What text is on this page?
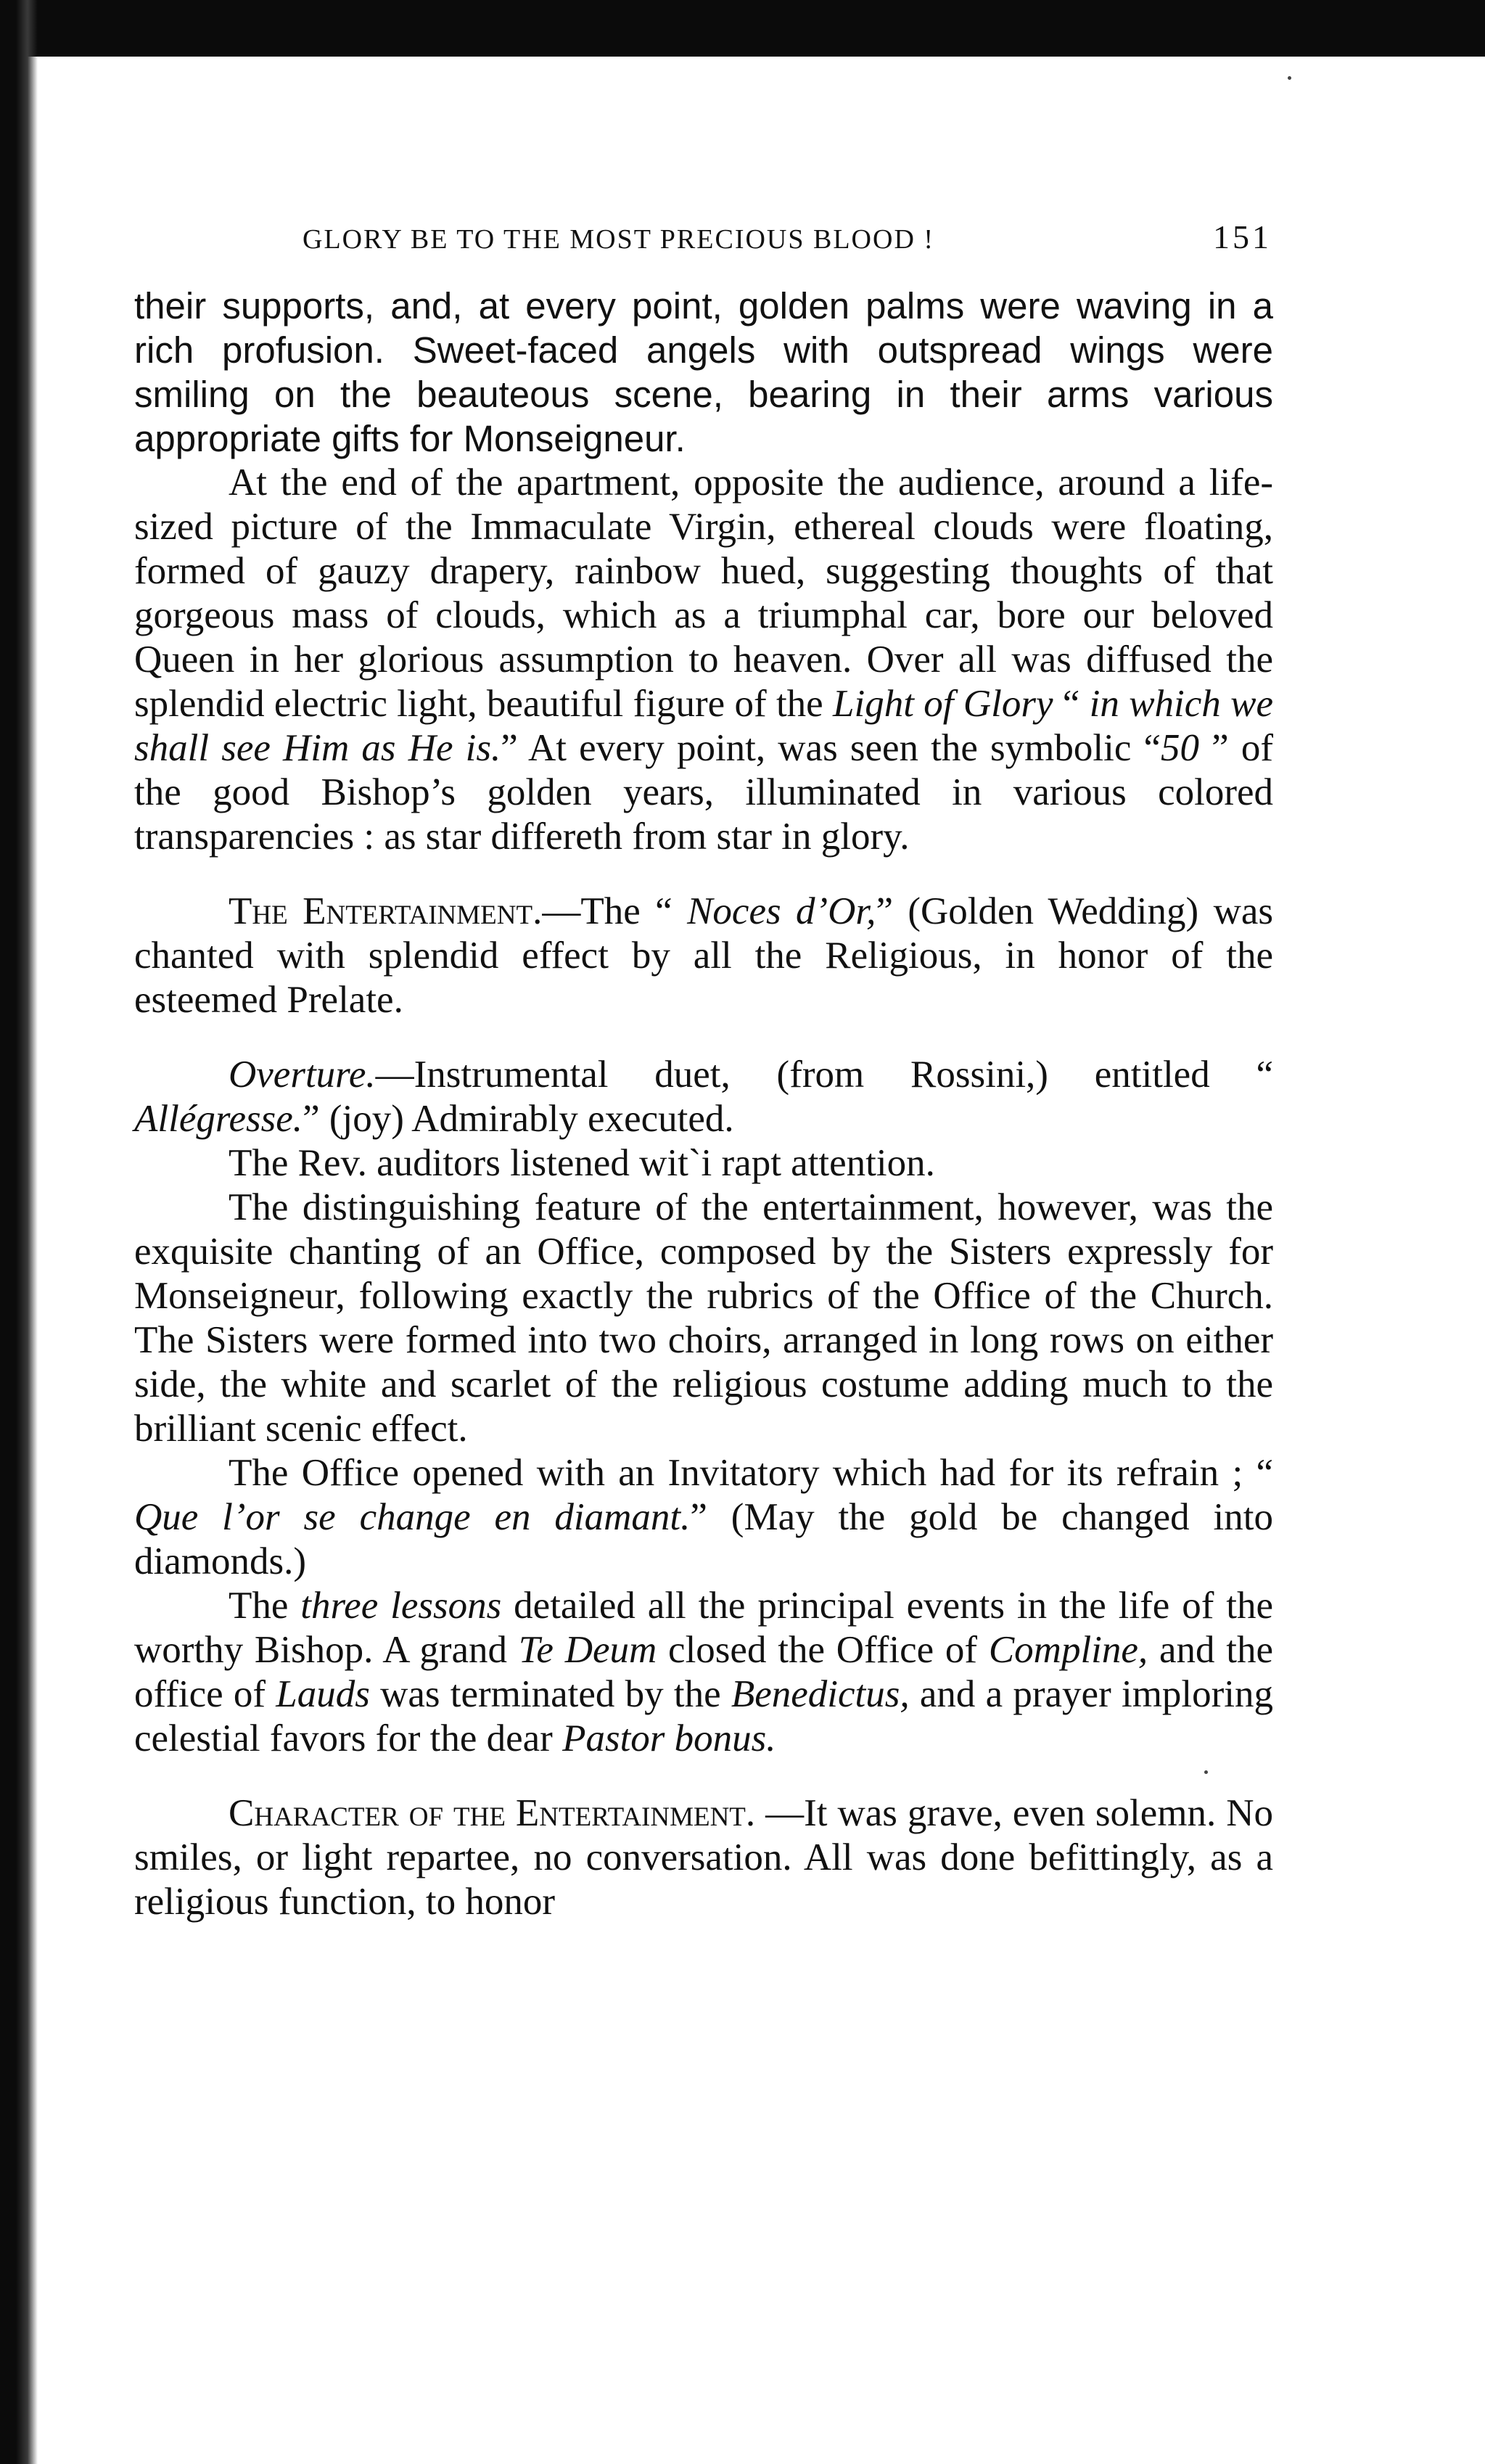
GLORY BE TO THE MOST PRECIOUS BLOOD !	151

their supports, and, at every point, golden palms were waving in a rich profusion. Sweet-faced angels with outspread wings were smiling on the beauteous scene, bearing in their arms various appropriate gifts for Monseigneur.

At the end of the apartment, opposite the audience, around a life-sized picture of the Immaculate Virgin, ethereal clouds were floating, formed of gauzy drapery, rainbow hued, suggesting thoughts of that gorgeous mass of clouds, which as a triumphal car, bore our beloved Queen in her glorious assumption to heaven. Over all was diffused the splendid electric light, beautiful figure of the Light of Glory “ in which we shall see Him as He is.” At every point, was seen the symbolic “50 ” of the good Bishop’s golden years, illuminated in various colored transparencies : as star differeth from star in glory.

The Entertainment.—The “ Noces d’Or,” (Golden Wedding) was chanted with splendid effect by all the Religious, in honor of the esteemed Prelate.

Overture.—Instrumental duet, (from Rossini,) entitled “ Allégresse.” (joy) Admirably executed.

The Rev. auditors listened wit`i rapt attention.

The distinguishing feature of the entertainment, however, was the exquisite chanting of an Office, composed by the Sisters expressly for Monseigneur, following exactly the rubrics of the Office of the Church. The Sisters were formed into two choirs, arranged in long rows on either side, the white and scarlet of the religious costume adding much to the brilliant scenic effect.

The Office opened with an Invitatory which had for its refrain ; “ Que l’or se change en diamant.” (May the gold be changed into diamonds.)

The three lessons detailed all the principal events in the life of the worthy Bishop. A grand Te Deum closed the Office of Compline, and the office of Lauds was terminated by the Benedictus, and a prayer imploring celestial favors for the dear Pastor bonus.

Character of the Entertainment. —It was grave, even solemn. No smiles, or light repartee, no conversation. All was done befittingly, as a religious function, to honor
